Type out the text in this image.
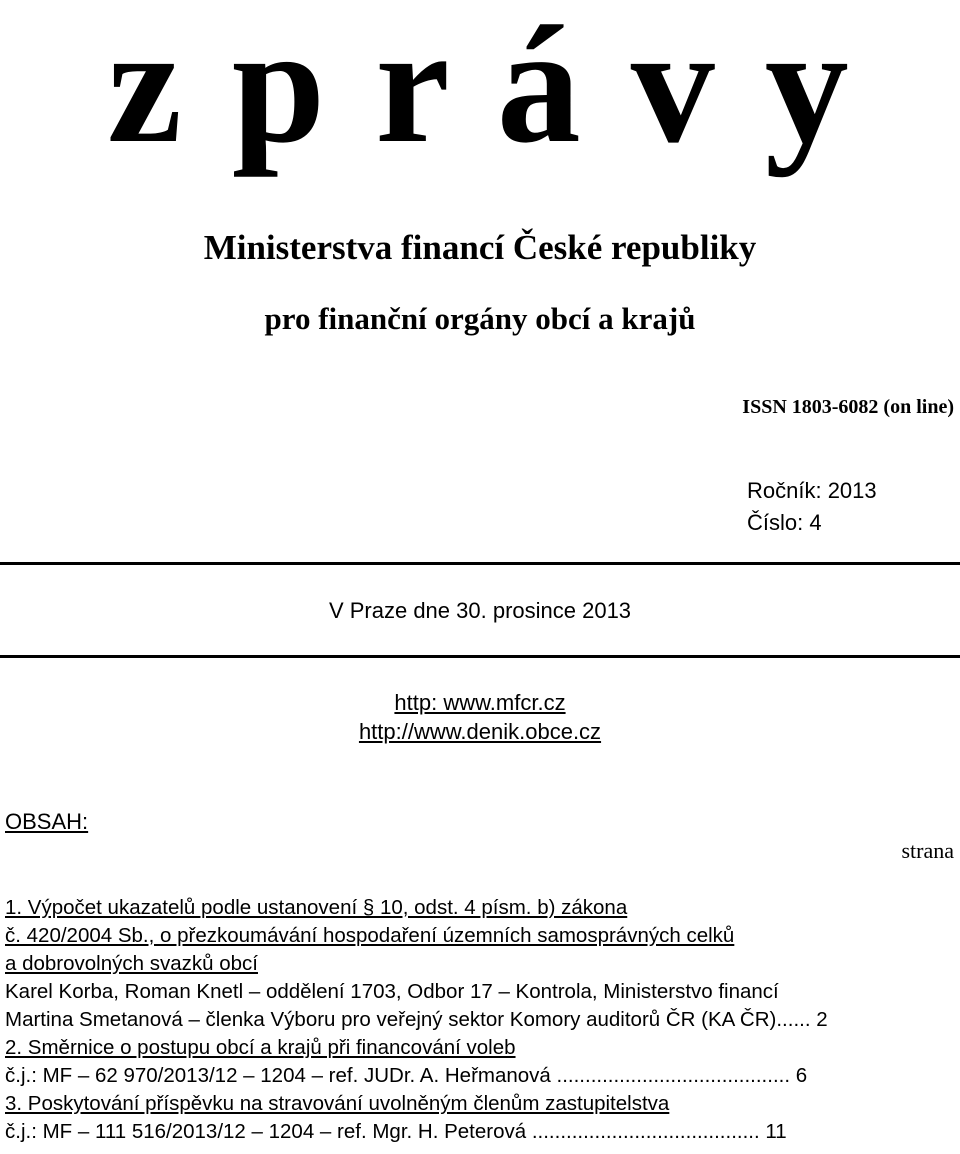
z p r á v y
Ministerstva financí České republiky
pro finanční orgány obcí a krajů
ISSN 1803-6082 (on line)
Ročník: 2013
Číslo: 4
V Praze dne 30. prosince 2013
http: www.mfcr.cz
http://www.denik.obce.cz
OBSAH:
strana
1. Výpočet ukazatelů podle ustanovení § 10, odst. 4 písm. b) zákona
č. 420/2004 Sb., o přezkoumávání hospodaření územních samosprávných celků
a dobrovolných svazků obcí
Karel Korba, Roman Knetl – oddělení 1703, Odbor 17 – Kontrola, Ministerstvo financí
Martina Smetanová – členka Výboru pro veřejný sektor Komory auditorů ČR (KA ČR)...... 2
2. Směrnice o postupu obcí a krajů při financování voleb
č.j.: MF – 62 970/2013/12 – 1204 – ref. JUDr. A. Heřmanová ......................................... 6
3. Poskytování příspěvku na stravování uvolněným členům zastupitelstva
č.j.: MF – 111 516/2013/12 – 1204 – ref. Mgr. H. Peterová ........................................ 11
